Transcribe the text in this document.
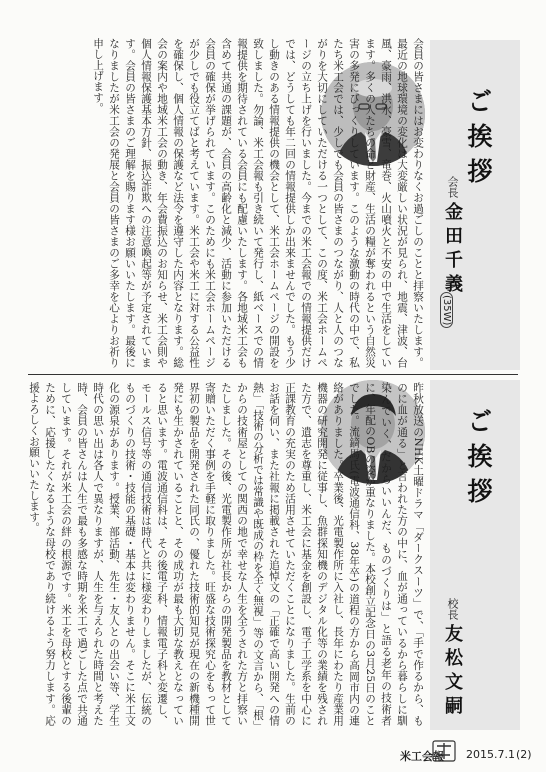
ご挨拶
会長
金田千義
(35W)
会員の皆さまにはお変わりなくお過ごしのことと拝察いたします。最近の地球環境の変化は大変厳しい状況が見られ、地震、津波、台風、豪雨、洪水、豪雪、竜巻、火山噴火と不安の中で生活をしています。多くの人たちの命と財産、生活の糧が奪われるという自然災害の多発にびっくりしています。このような激動の時代の中で、私たち米工会では、少しでも会員の皆さまのつながり、人と人のつながりを大切にしていただける一つとして、この度、米工会ホームページの立ち上げを行いました。今までの米工会報での情報提供だけでは、どうしても年二回の情報提供しか出来ませんでした。もう少し動きのある情報提供の機会として、米工会ホームページの開設を致しました。勿論、米工会報も引き続いて発行し、紙ベースでの情報提供を期待されている会員にも配慮いたします。各地域米工会も含めて共通の課題が、会員の高齢化と減少、活動に参加いただける会員の確保が挙げられています。このためにも米工会ホームページが少しでも役立てばと考えています。米工会や米工に対する公益性を確保し、個人情報の保護など法令を遵守した内容となります。総会の案内や地域米工会の動き、年会費振込のお知らせ、米工会則や個人情報保護基本方針、振込詐欺への注意喚起等が予定されています。会員の皆さまのご理解を賜ります様お願いいたします。最後になりましたが米工会の発展と会員の皆さまのご多幸を心よりお祈り申し上げます。
ご挨拶
校長
友松文嗣
昨秋放送のNHK土曜ドラマ「ダークスーツ」で、「手で作るから、ものに血が通る」と言われた方の中に、血が通っているから暮らしに馴染んでいく、だからいいんだ、ものづくりは」と語る老年の技術者に、年配のOBの姿が重なりました。本校創立記念日の3月25日のことでした。流鏑馬氏(電波通信科、38年卒)の道程の方から高岡市内の連絡がありました。卒業後、光電製作所に入社し、長年にわたり産業用機器の研究開発に従事し、魚群探知機のデジタル化等の業績を残された方で、遺志を尊重し、米工会に基金を創設し、電子工学系を中心に正課教育の充実のため活用させていただくことになりました。生前のお話を伺い、また社報に掲載された追悼文の「正確で高い開発への情熱」「技術の分析では常識や既成の枠を全く無視」等の文言から、「根」からの技術屋としての関西の地で幸せな人生を全うされた方と拝察いたしました。その後、光電製作所が社長からの開発製品を教材として寄贈いただく事例を手軽に取りました。旺盛な技術探究心をもって世界初の製品を開発された同氏の、優れた技術的知見が現在の新機種開発にも生かされていることと、その成功が最も大切な教えとなっていると思います。電波通信科は、その後電子科、情報電子科と変遷し、モールス信号等の通信技術は時代と共に様変わりしましたが、伝統のものづくりの技術・技能の基礎・基本は変わりません。そこに米工文化の源泉があります。授業、部活動、先生・友人との出会い等、学生時代の思い出は各人で異なりますが、人生を与えられた時間と考えた時、会員の皆さんは人生で最も多感な時期を米工で過ごした点で共通しています。それが米工会の絆の根源です。米工を母校とする後輩のために、応援したくなるような母校であり続けるよう努力します。応援よろしくお願いいたします。
米工会報 2015.7.1 (2)
